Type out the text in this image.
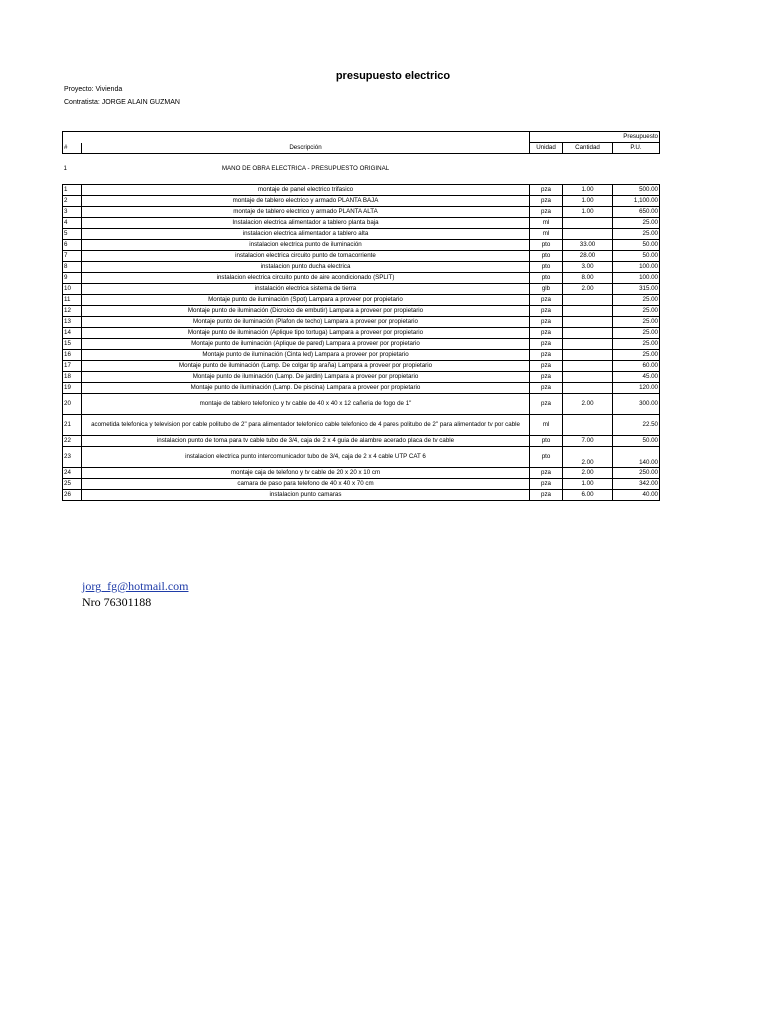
presupuesto electrico
Proyecto: Vivienda
Contratista: JORGE ALAIN GUZMAN
				Presupuesto
#	Descripción	Unidad	Cantidad	P.U.

1	MANO DE OBRA ELECTRICA - PRESUPUESTO ORIGINAL			

1	montaje de panel electrico trifasico	pza	1.00	500.00
2	montaje de tablero electrico y armado PLANTA BAJA	pza	1.00	1,100.00
3	montaje de tablero electrico y armado PLANTA ALTA	pza	1.00	650.00
4	Instalacion electrica alimentador a tablero planta baja	ml		25.00
5	instalacion electrica alimentador a tablero alta	ml		25.00
6	instalacion electrica punto de iluminación	pto	33.00	50.00
7	instalacion electrica circuito punto de tomacorriente	pto	28.00	50.00
8	instalacion punto ducha electrica	pto	3.00	100.00
9	instalacion electrica circuito punto de aire acondicionado (SPLIT)	pto	8.00	100.00
10	instalación electrica sistema de tierra	glb	2.00	315.00
11	Montaje punto de iluminación (Spot) Lampara a proveer por propietario	pza		25.00
12	Montaje punto de iluminación (Dicroico de embutir) Lampara a proveer por propietario	pza		25.00
13	Montaje punto de iluminación (Plafon de techo) Lampara a proveer por propietario	pza		25.00
14	Montaje punto de iluminación (Aplique tipo tortuga) Lampara a proveer por propietario	pza		25.00
15	Montaje punto de iluminación (Aplique de pared) Lampara a proveer por propietario	pza		25.00
16	Montaje punto de iluminación (Cinta led) Lampara a proveer por propietario	pza		25.00
17	Montaje punto de iluminación (Lamp. De colgar tip araña) Lampara a proveer por propietario	pza		60.00
18	Montaje punto de iluminación (Lamp. De jardin) Lampara a proveer por propietario	pza		45.00
19	Montaje punto de iluminación (Lamp. De piscina) Lampara a proveer por propietario	pza		120.00
20	montaje de tablero telefonico y tv cable de 40 x 40 x 12 cañeria de fogo de 1"	pza	2.00	300.00
21	acometida telefonica y television por cable politubo de 2" para alimentador telefonico cable telefonico de 4 pares politubo de 2" para alimentador tv por cable	ml		22.50
22	instalacion punto de toma para tv cable tubo de 3/4, caja de 2 x 4 guia de alambre acerado placa de tv cable	pto	7.00	50.00
23	instalacion electrica punto intercomunicador tubo de 3/4, caja de 2 x 4 cable UTP CAT 6	pto	2.00	140.00
24	montaje caja de telefono y tv cable de 20 x 20 x 10 cm	pza	2.00	250.00
25	camara de paso para telefono de 40 x 40 x 70 cm	pza	1.00	342.00
26	instalacion punto camaras	pza	6.00	40.00
jorg_fg@hotmail.com
Nro 76301188
